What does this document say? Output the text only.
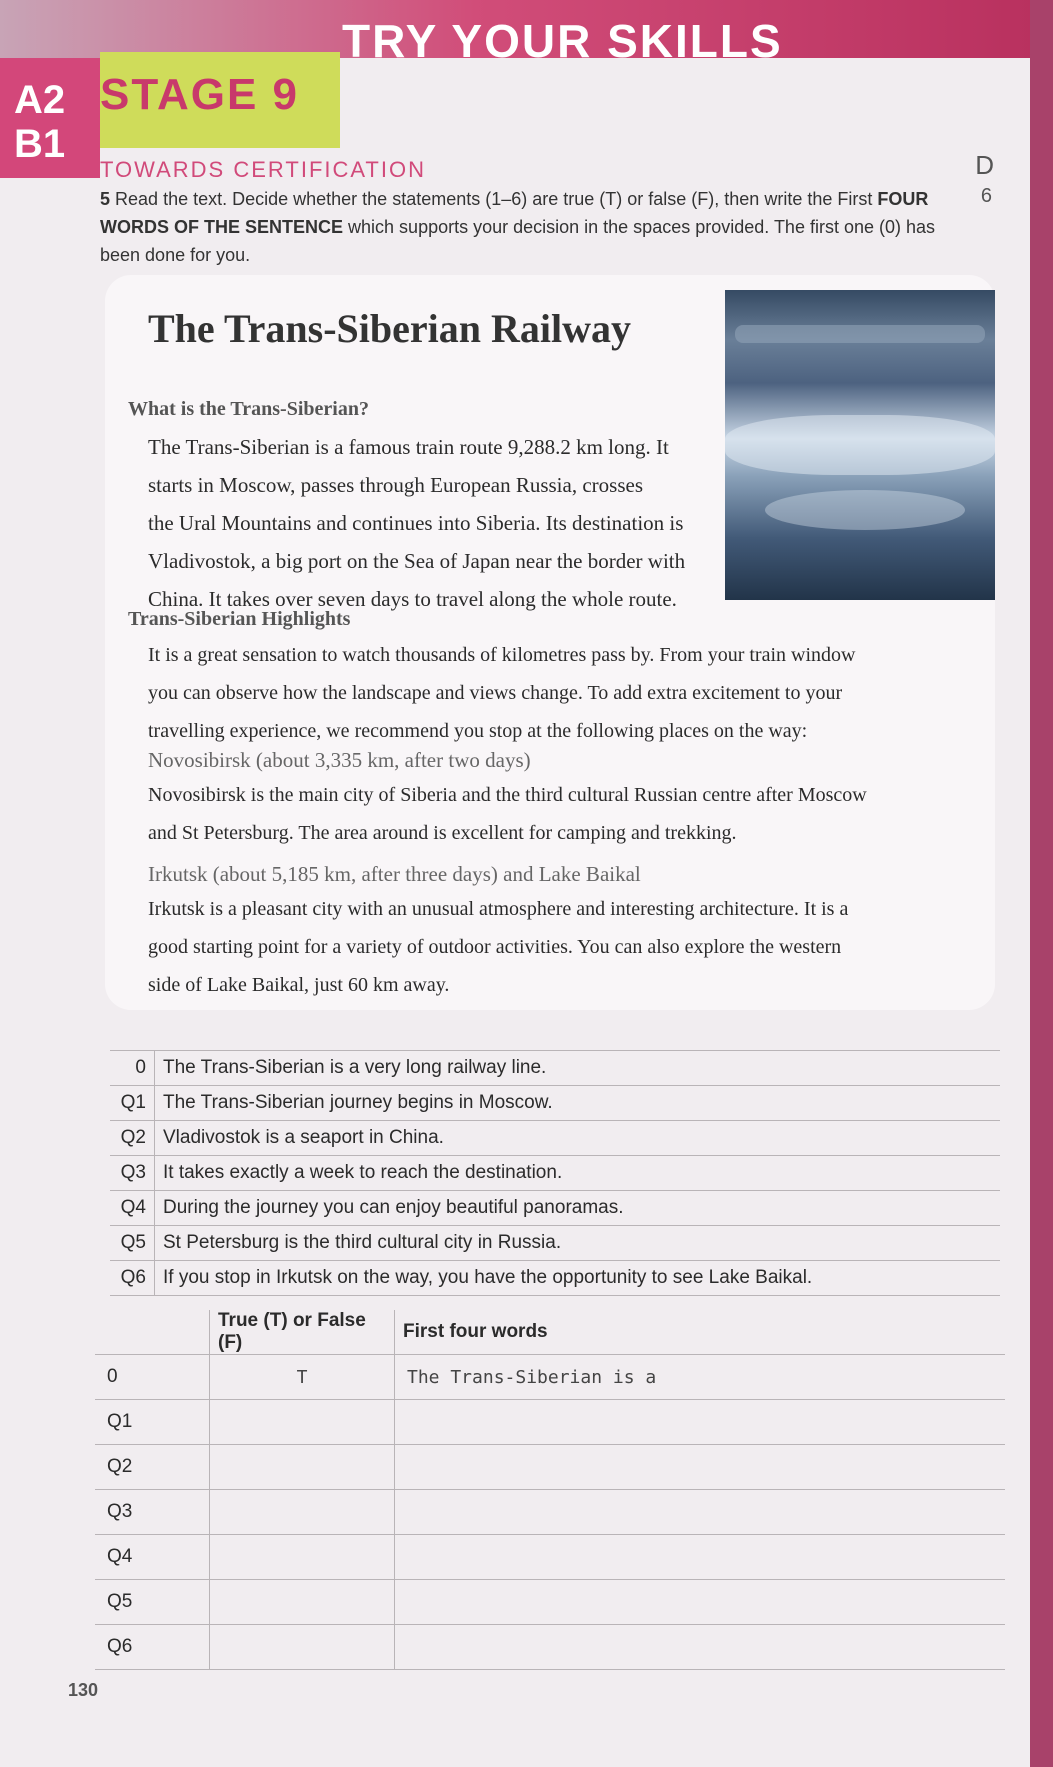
A2
B1
STAGE 9
TRY YOUR SKILLS
TOWARDS CERTIFICATION	D
6
5 Read the text. Decide whether the statements (1–6) are true (T) or false (F), then write the First FOUR WORDS OF THE SENTENCE which supports your decision in the spaces provided. The first one (0) has been done for you.
The Trans-Siberian Railway
What is the Trans-Siberian?
The Trans-Siberian is a famous train route 9,288.2 km long. It
starts in Moscow, passes through European Russia, crosses
the Ural Mountains and continues into Siberia. Its destination is
Vladivostok, a big port on the Sea of Japan near the border with
China. It takes over seven days to travel along the whole route.
Trans-Siberian Highlights
It is a great sensation to watch thousands of kilometres pass by. From your train window
you can observe how the landscape and views change. To add extra excitement to your
travelling experience, we recommend you stop at the following places on the way:
Novosibirsk (about 3,335 km, after two days)
Novosibirsk is the main city of Siberia and the third cultural Russian centre after Moscow
and St Petersburg. The area around is excellent for camping and trekking.
Irkutsk (about 5,185 km, after three days) and Lake Baikal
Irkutsk is a pleasant city with an unusual atmosphere and interesting architecture. It is a
good starting point for a variety of outdoor activities. You can also explore the western
side of Lake Baikal, just 60 km away.
0	The Trans-Siberian is a very long railway line.
Q1	The Trans-Siberian journey begins in Moscow.
Q2	Vladivostok is a seaport in China.
Q3	It takes exactly a week to reach the destination.
Q4	During the journey you can enjoy beautiful panoramas.
Q5	St Petersburg is the third cultural city in Russia.
Q6	If you stop in Irkutsk on the way, you have the opportunity to see Lake Baikal.
	True (T) or False (F)	First four words
0	T	The Trans-Siberian is a
Q1		
Q2		
Q3		
Q4		
Q5		
Q6		
130
